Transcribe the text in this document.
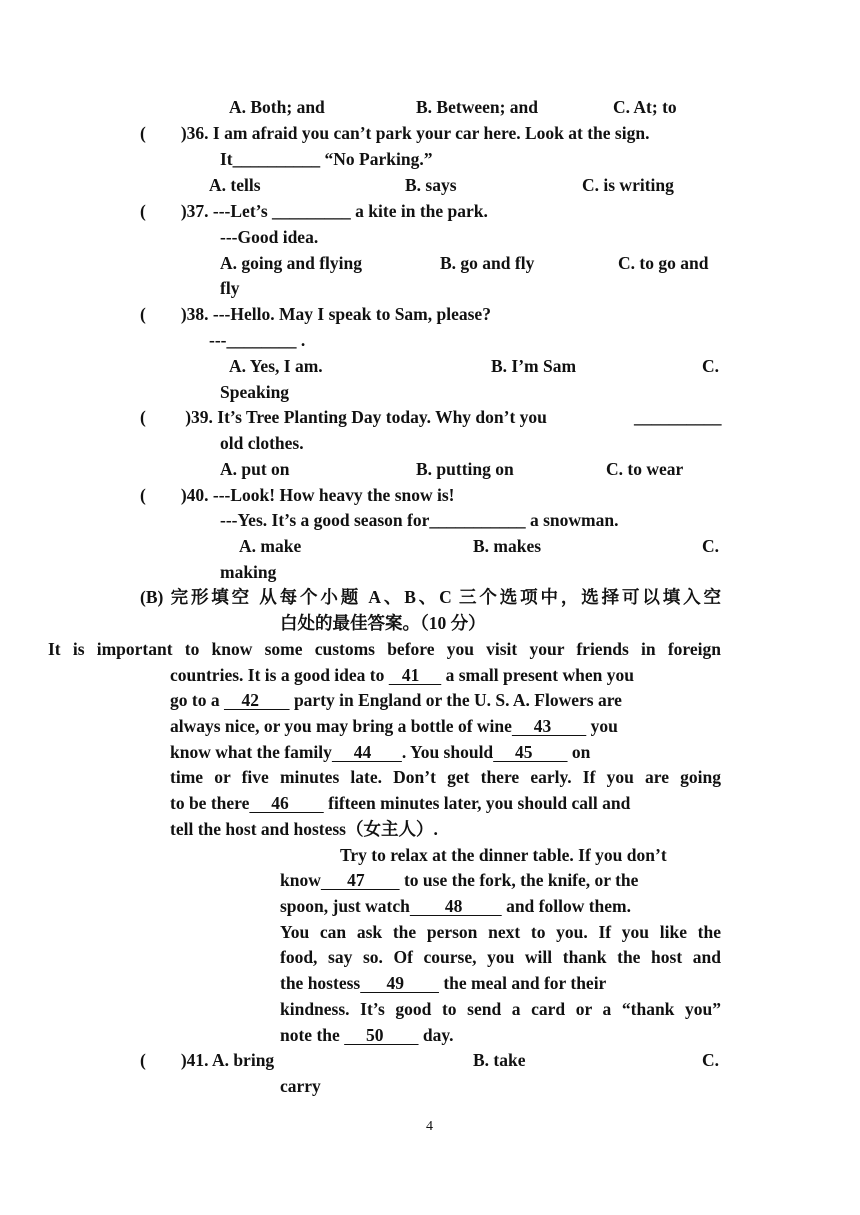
A. Both; and	B. Between; and	C. At; to
(        )36. I am afraid you can’t park your car here. Look at the sign.
It__________ “No Parking.”
A. tells	B. says	C. is writing
(        )37. ---Let’s _________ a kite in the park.
---Good idea.
A. going and flying	B. go and fly	C. to go and
fly
(        )38. ---Hello. May I speak to Sam, please?
---________ .
A. Yes, I am.	B. I’m Sam	C.
Speaking
(         )39. It’s Tree Planting Day today. Why don’t you	__________
old clothes.
A. put on	B. putting on	C. to wear
(        )40. ---Look! How heavy the snow is!
---Yes. It’s a good season for___________ a snowman.
A. make	B. makes	C.
making
(B) 完形填空 从每个小题 A、B、C 三个选项中，选择可以填入空
白处的最佳答案。（10 分）
It is important to know some customs before you visit your friends in foreign
countries. It is a good idea to    41      a small present when you
go to a     42        party in England or the U. S. A. Flowers are
always nice, or you may bring a bottle of wine     43         you
know what the family     44       . You should     45         on
time or five minutes late. Don’t get there early. If you are going
to be there     46         fifteen minutes later, you should call and
tell the host and hostess（女主人）.
Try to relax at the dinner table. If you don’t
know      47         to use the fork, the knife, or the
spoon, just watch        48          and follow them.
You can ask the person next to you. If you like the
food, say so. Of course, you will thank the host and
the hostess      49         the meal and for their
kindness. It’s good to send a card or a “thank you”
note the      50         day.
(        )41. A. bring	B. take	C.
carry
4
